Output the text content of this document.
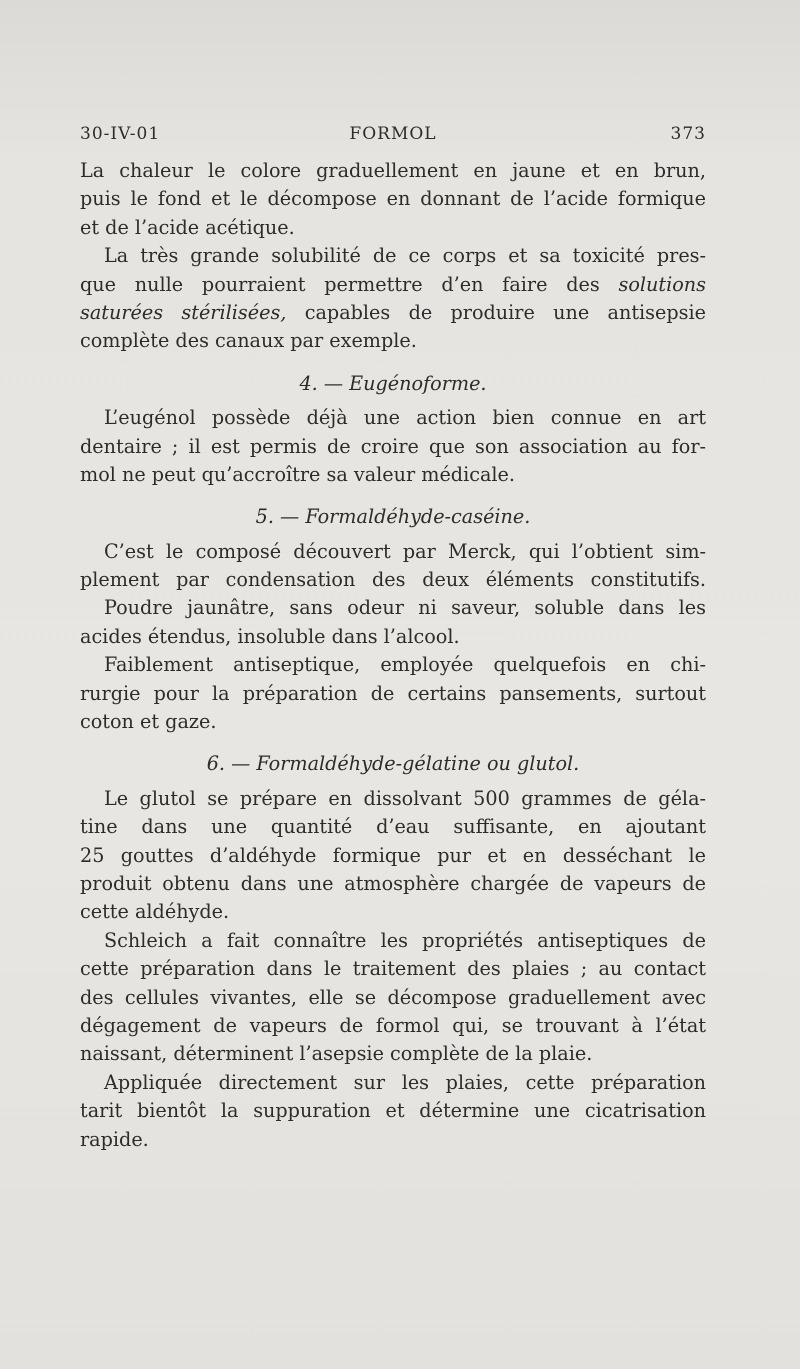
30-IV-01	FORMOL	373
La chaleur le colore graduellement en jaune et en brun,
puis le fond et le décompose en donnant de l’acide formique
et de l’acide acétique.
La très grande solubilité de ce corps et sa toxicité pres-
que nulle pourraient permettre d’en faire des solutions
saturées stérilisées, capables de produire une antisepsie
complète des canaux par exemple.
4. — Eugénoforme.
L’eugénol possède déjà une action bien connue en art
dentaire ; il est permis de croire que son association au for-
mol ne peut qu’accroître sa valeur médicale.
5. — Formaldéhyde-caséine.
C’est le composé découvert par Merck, qui l’obtient sim-
plement par condensation des deux éléments constitutifs.
Poudre jaunâtre, sans odeur ni saveur, soluble dans les
acides étendus, insoluble dans l’alcool.
Faiblement antiseptique, employée quelquefois en chi-
rurgie pour la préparation de certains pansements, surtout
coton et gaze.
6. — Formaldéhyde-gélatine ou glutol.
Le glutol se prépare en dissolvant 500 grammes de géla-
tine dans une quantité d’eau suffisante, en ajoutant
25 gouttes d’aldéhyde formique pur et en desséchant le
produit obtenu dans une atmosphère chargée de vapeurs de
cette aldéhyde.
Schleich a fait connaître les propriétés antiseptiques de
cette préparation dans le traitement des plaies ; au contact
des cellules vivantes, elle se décompose graduellement avec
dégagement de vapeurs de formol qui, se trouvant à l’état
naissant, déterminent l’asepsie complète de la plaie.
Appliquée directement sur les plaies, cette préparation
tarit bientôt la suppuration et détermine une cicatrisation
rapide.
